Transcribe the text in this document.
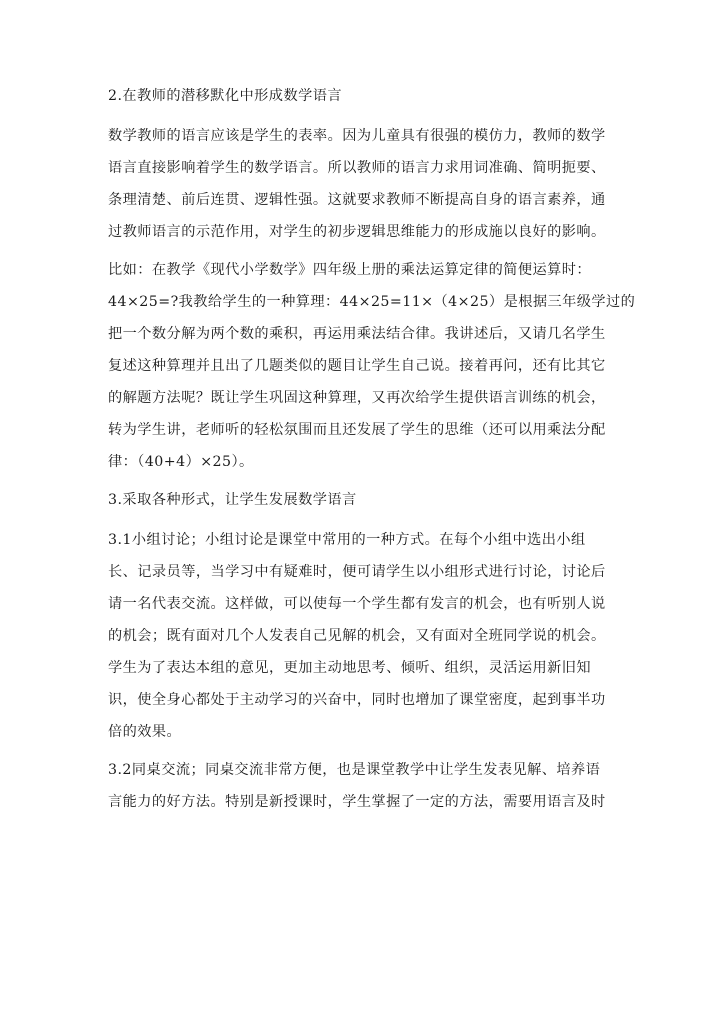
2.在教师的潜移默化中形成数学语言
数学教师的语言应该是学生的表率。因为儿童具有很强的模仿力，教师的数学
语言直接影响着学生的数学语言。所以教师的语言力求用词准确、简明扼要、
条理清楚、前后连贯、逻辑性强。这就要求教师不断提高自身的语言素养，通
过教师语言的示范作用，对学生的初步逻辑思维能力的形成施以良好的影响。
比如：在教学《现代小学数学》四年级上册的乘法运算定律的简便运算时：
44×25=?我教给学生的一种算理：44×25=11×（4×25）是根据三年级学过的
把一个数分解为两个数的乘积，再运用乘法结合律。我讲述后，又请几名学生
复述这种算理并且出了几题类似的题目让学生自己说。接着再问，还有比其它
的解题方法呢？既让学生巩固这种算理，又再次给学生提供语言训练的机会，
转为学生讲，老师听的轻松氛围而且还发展了学生的思维（还可以用乘法分配
律：（40+4）×25）。
3.采取各种形式，让学生发展数学语言
3.1小组讨论；小组讨论是课堂中常用的一种方式。在每个小组中选出小组
长、记录员等，当学习中有疑难时，便可请学生以小组形式进行讨论，讨论后
请一名代表交流。这样做，可以使每一个学生都有发言的机会，也有听别人说
的机会；既有面对几个人发表自己见解的机会，又有面对全班同学说的机会。
学生为了表达本组的意见，更加主动地思考、倾听、组织，灵活运用新旧知
识，使全身心都处于主动学习的兴奋中，同时也增加了课堂密度，起到事半功
倍的效果。
3.2同桌交流；同桌交流非常方便，也是课堂教学中让学生发表见解、培养语
言能力的好方法。特别是新授课时，学生掌握了一定的方法，需要用语言及时
